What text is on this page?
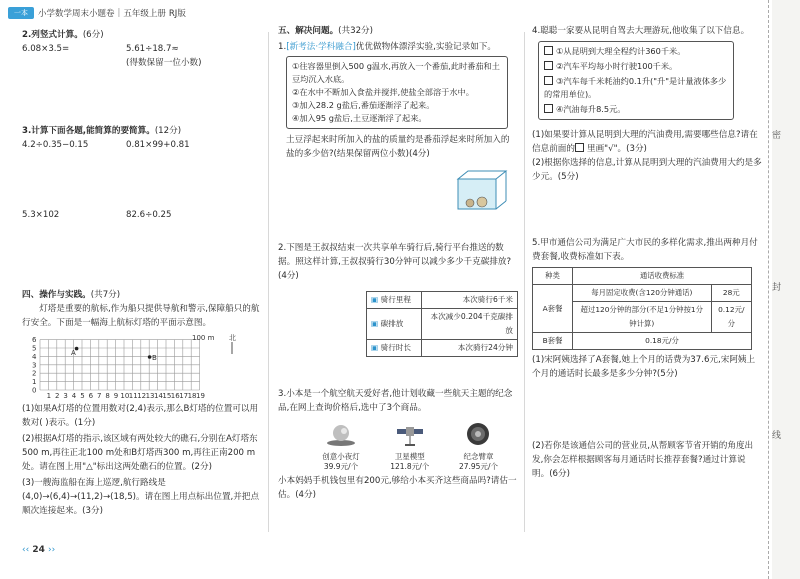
一本	小学数学周末小题卷 | 五年级上册 RJ版
2.列竖式计算。(6分)
6.08×3.5=	5.61÷18.7≈
(得数保留一位小数)
3.计算下面各题,能简算的要简算。(12分)
4.2÷0.35−0.15	0.81×99+0.81
5.3×102	82.6÷0.25
四、操作与实践。(共7分)

灯塔是重要的航标,作为船只提供导航和警示,保障船只的航行安全。下面是一幅海上航标灯塔的平面示意图。

6
5
4
3
2
1
0
1 2 3 4 5 6 7 8 9 10 11 12 13 14 15 16 17 18 19
A
B
100 m 北

(1)如果A灯塔的位置用数对(2,4)表示,那么B灯塔的位置可以用数对( )表示。(1分)

(2)根据A灯塔的指示,该区域有两处较大的礁石,分别在A灯塔东500 m,再往正北100 m处和B灯塔西300 m,再往正南200 m处。请在图上用"△"标出这两处礁石的位置。(2分)

(3)一艘海监船在海上巡逻,航行路线是(4,0)→(6,4)→(11,2)→(18,5)。请在图上用点标出位置,并把点顺次连接起来。(3分)

五、解决问题。(共32分)

1.[新考法·学科融合]优优做物体漂浮实验,实验记录如下。

①往容器里倒入500 g温水,再放入一个番茄,此时番茄和土豆均沉入水底。

②在水中不断加入食盐并搅拌,使盐全部溶于水中。

③加入28.2 g盐后,番茄逐渐浮了起来。

④加入95 g盐后,土豆逐渐浮了起来。

土豆浮起来时所加入的盐的质量约是番茄浮起来时所加入的盐的多少倍?(结果保留两位小数)(4分)

2.下图是王叔叔结束一次共享单车骑行后,骑行平台推送的数据。照这样计算,王叔叔骑行30分钟可以减少多少千克碳排放?(4分)

▣ 骑行里程	本次骑行6千米
▣ 碳排放	本次减少0.204千克碳排放
▣ 骑行时长	本次骑行24分钟

3.小本是一个航空航天爱好者,他计划收藏一些航天主题的纪念品,在网上查询价格后,选中了3个商品。

创意小夜灯
39.9元/个

卫星模型
121.8元/个

纪念臂章
27.95元/个

小本妈妈手机钱包里有200元,够给小本买齐这些商品吗?请估一估。(4分)

4.聪聪一家要从昆明自驾去大理游玩,他收集了以下信息。

①从昆明到大理全程约计360千米。

②汽车平均每小时行驶100千米。

③汽车每千米耗油约0.1升("升"是计量液体多少的常用单位)。

④汽油每升8.5元。

(1)如果要计算从昆明到大理的汽油费用,需要哪些信息?请在信息前面的 里画"√"。(3分)

(2)根据你选择的信息,计算从昆明到大理的汽油费用大约是多少元。(5分)

5.甲市通信公司为满足广大市民的多样化需求,推出两种月付费套餐,收费标准如下表。

种类	通话收费标准	
A套餐	每月固定收费(含120分钟通话)	28元
	超过120分钟的部分(不足1分钟按1分钟计算)	0.12元/分
B套餐	0.18元/分	

(1)宋阿姨选择了A套餐,她上个月的话费为37.6元,宋阿姨上个月的通话时长最多是多少分钟?(5分)

(2)若你是该通信公司的营业员,从帮顾客节省开销的角度出发,你会怎样根据顾客每月通话时长推荐套餐?通过计算说明。(6分)

‹‹ 24 ››
密
封
线
